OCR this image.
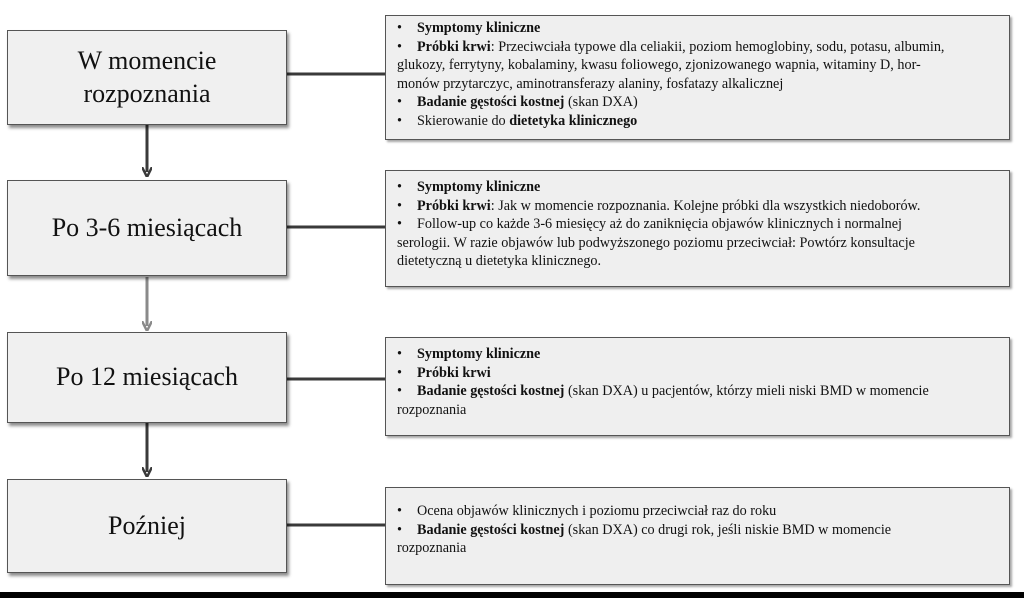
W momencie
rozpoznania
Po 3-6 miesiącach
Po 12 miesiącach
Poźniej
• Symptomy kliniczne
• Próbki krwi: Przeciwciała typowe dla celiakii, poziom hemoglobiny, sodu, potasu, albumin,
glukozy, ferrytyny, kobalaminy, kwasu foliowego, zjonizowanego wapnia, witaminy D, hor-
monów przytarczyc, aminotransferazy alaniny, fosfatazy alkalicznej
• Badanie gęstości kostnej (skan DXA)
• Skierowanie do dietetyka klinicznego
• Symptomy kliniczne
• Próbki krwi: Jak w momencie rozpoznania. Kolejne próbki dla wszystkich niedoborów.
• Follow-up co każde 3-6 miesięcy aż do zaniknięcia objawów klinicznych i normalnej
serologii. W razie objawów lub podwyższonego poziomu przeciwciał: Powtórz konsultacje
dietetyczną u dietetyka klinicznego.
• Symptomy kliniczne
• Próbki krwi
• Badanie gęstości kostnej (skan DXA) u pacjentów, którzy mieli niski BMD w momencie
rozpoznania
• Ocena objawów klinicznych i poziomu przeciwciał raz do roku
• Badanie gęstości kostnej (skan DXA) co drugi rok, jeśli niskie BMD w momencie
rozpoznania
